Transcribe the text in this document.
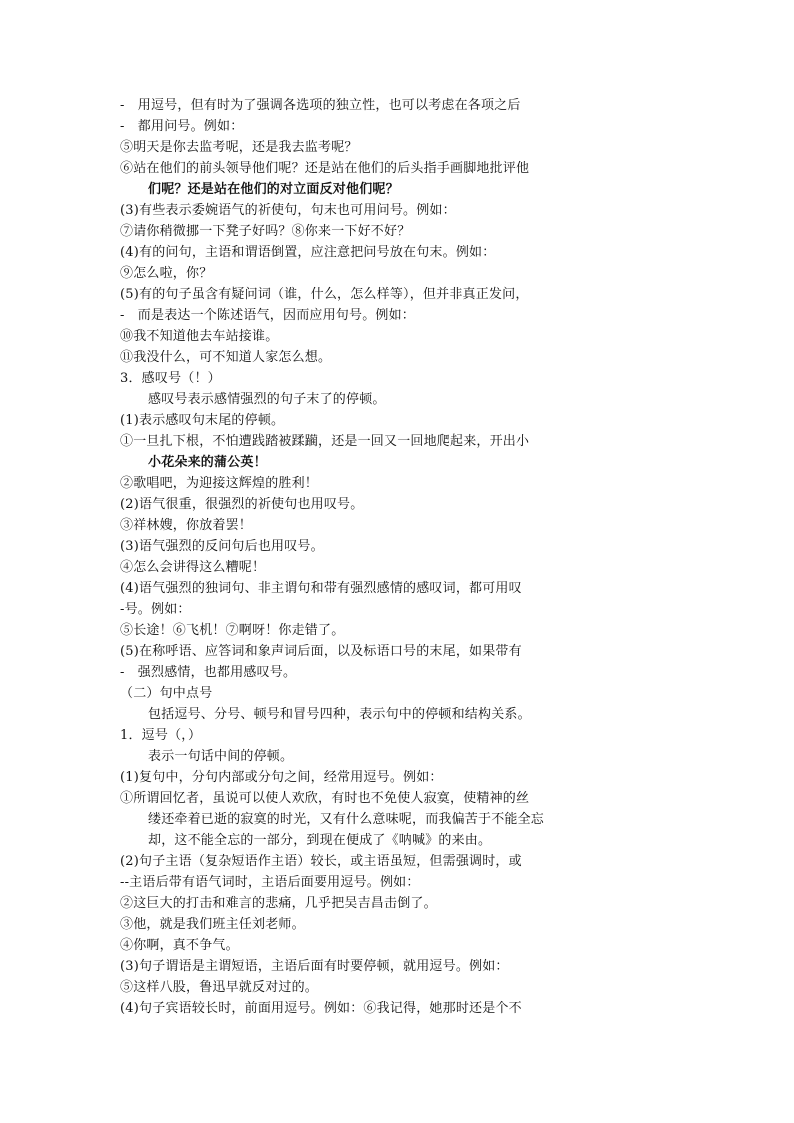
-　用逗号，但有时为了强调各选项的独立性，也可以考虑在各项之后
-　都用问号。例如：
⑤明天是你去监考呢，还是我去监考呢？
⑥站在他们的前头领导他们呢？还是站在他们的后头指手画脚地批评他
们呢？还是站在他们的对立面反对他们呢？
(3)有些表示委婉语气的祈使句，句末也可用问号。例如：
⑦请你稍微挪一下凳子好吗？⑧你来一下好不好？
(4)有的问句，主语和谓语倒置，应注意把问号放在句末。例如：
⑨怎么啦，你？
(5)有的句子虽含有疑问词（谁，什么，怎么样等），但并非真正发问，
-　而是表达一个陈述语气，因而应用句号。例如：
⑩我不知道他去车站接谁。
⑪我没什么，可不知道人家怎么想。
3．感叹号（！）
感叹号表示感情强烈的句子末了的停顿。
(1)表示感叹句末尾的停顿。
①一旦扎下根，不怕遭践踏被蹂躏，还是一回又一回地爬起来，开出小
小花朵来的蒲公英！
②歌唱吧，为迎接这辉煌的胜利！
(2)语气很重，很强烈的祈使句也用叹号。
③祥林嫂，你放着罢！
(3)语气强烈的反问句后也用叹号。
④怎么会讲得这么糟呢！
(4)语气强烈的独词句、非主谓句和带有强烈感情的感叹词，都可用叹
-号。例如：
⑤长途！⑥飞机！⑦啊呀！你走错了。
(5)在称呼语、应答词和象声词后面，以及标语口号的末尾，如果带有
-　强烈感情，也都用感叹号。
（二）句中点号
包括逗号、分号、顿号和冒号四种，表示句中的停顿和结构关系。
1．逗号（，）
表示一句话中间的停顿。
(1)复句中，分句内部或分句之间，经常用逗号。例如：
①所谓回忆者，虽说可以使人欢欣，有时也不免使人寂寞，使精神的丝
缕还牵着已逝的寂寞的时光，又有什么意味呢，而我偏苦于不能全忘
却，这不能全忘的一部分，到现在便成了《呐喊》的来由。
(2)句子主语（复杂短语作主语）较长，或主语虽短，但需强调时，或
--主语后带有语气词时，主语后面要用逗号。例如：
②这巨大的打击和难言的悲痛，几乎把吴吉昌击倒了。
③他，就是我们班主任刘老师。
④你啊，真不争气。
(3)句子谓语是主谓短语，主语后面有时要停顿，就用逗号。例如：
⑤这样八股，鲁迅早就反对过的。
(4)句子宾语较长时，前面用逗号。例如：⑥我记得，她那时还是个不
